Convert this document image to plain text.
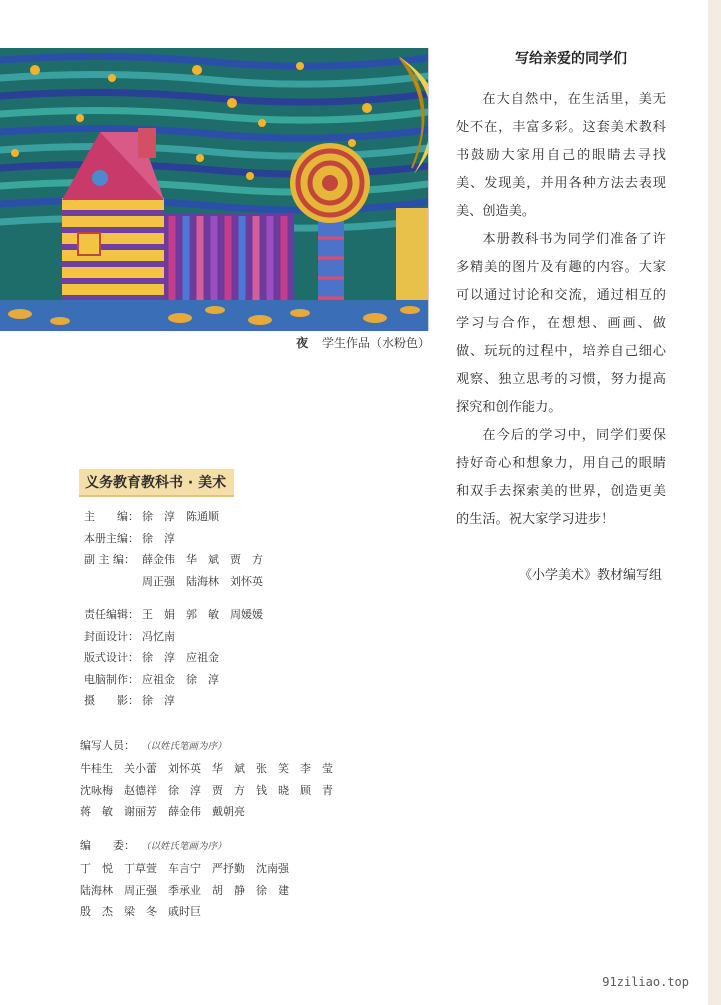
夜 学生作品（水粉色）
写给亲爱的同学们

在大自然中，在生活里，美无处不在，丰富多彩。这套美术教科书鼓励大家用自己的眼睛去寻找美、发现美，并用各种方法去表现美、创造美。

本册教科书为同学们准备了许多精美的图片及有趣的内容。大家可以通过讨论和交流，通过相互的学习与合作，在想想、画画、做做、玩玩的过程中，培养自己细心观察、独立思考的习惯，努力提高探究和创作能力。

在今后的学习中，同学们要保持好奇心和想象力，用自己的眼睛和双手去探索美的世界，创造更美的生活。祝大家学习进步！

《小学美术》教材编写组
义务教育教科书 · 美术
主　　编： 徐　淳　陈通顺
本册主编： 徐　淳
副 主 编： 薛金伟　华　斌　贾　方
周正强　陆海林　刘怀英
责任编辑： 王　娟　郭　敏　周媛媛
封面设计： 冯忆南
版式设计： 徐　淳　应祖金
电脑制作： 应祖金　徐　淳
摄　　影： 徐　淳
编写人员： （以姓氏笔画为序）
牛桂生　关小蕾　刘怀英　华　斌　张　笑　李　莹
沈咏梅　赵德祥　徐　淳　贾　方　钱　晓　顾　青
蒋　敏　谢丽芳　薛金伟　戴朝亮
编　　委： （以姓氏笔画为序）
丁　悦　丁草萱　车言宁　严抒勤　沈南强
陆海林　周正强　季承业　胡　静　徐　建
殷　杰　梁　冬　戚时巨
91ziliao.top
